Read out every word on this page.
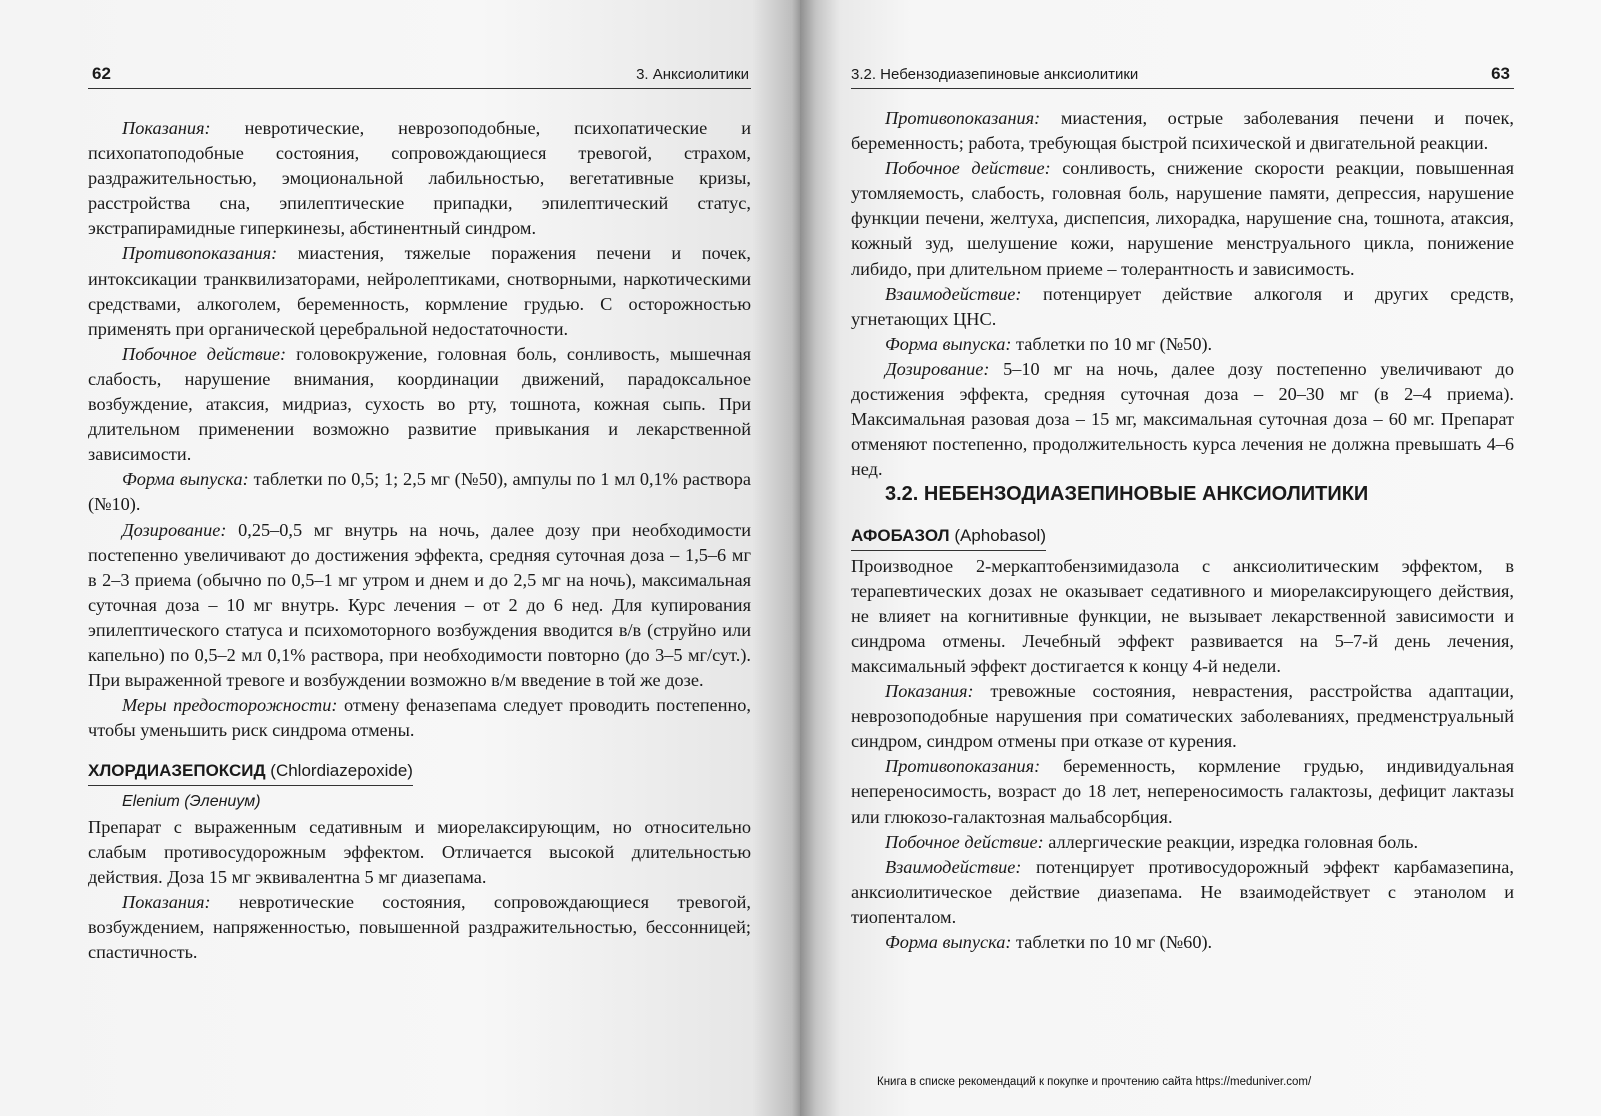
62	3. Анксиолитики

Показания: невротические, неврозоподобные, психопатические и психопатоподобные состояния, сопровождающиеся тревогой, страхом, раздражительностью, эмоциональной лабильностью, вегетативные кризы, расстройства сна, эпилептические припадки, эпилептический статус, экстрапирамидные гиперкинезы, абстинентный синдром.

Противопоказания: миастения, тяжелые поражения печени и почек, интоксикации транквилизаторами, нейролептиками, снотворными, наркотическими средствами, алкоголем, беременность, кормление грудью. С осторожностью применять при органической церебральной недостаточности.

Побочное действие: головокружение, головная боль, сонливость, мышечная слабость, нарушение внимания, координации движений, парадоксальное возбуждение, атаксия, мидриаз, сухость во рту, тошнота, кожная сыпь. При длительном применении возможно развитие привыкания и лекарственной зависимости.

Форма выпуска: таблетки по 0,5; 1; 2,5 мг (№50), ампулы по 1 мл 0,1% раствора (№10).

Дозирование: 0,25–0,5 мг внутрь на ночь, далее дозу при необходимости постепенно увеличивают до достижения эффекта, средняя суточная доза – 1,5–6 мг в 2–3 приема (обычно по 0,5–1 мг утром и днем и до 2,5 мг на ночь), максимальная суточная доза – 10 мг внутрь. Курс лечения – от 2 до 6 нед. Для купирования эпилептического статуса и психомоторного возбуждения вводится в/в (струйно или капельно) по 0,5–2 мл 0,1% раствора, при необходимости повторно (до 3–5 мг/сут.). При выраженной тревоге и возбуждении возможно в/м введение в той же дозе.

Меры предосторожности: отмену феназепама следует проводить постепенно, чтобы уменьшить риск синдрома отмены.

ХЛОРДИАЗЕПОКСИД (Chlordiazepoxide)

Elenium (Элениум)

Препарат с выраженным седативным и миорелаксирующим, но относительно слабым противосудорожным эффектом. Отличается высокой длительностью действия. Доза 15 мг эквивалентна 5 мг диазепама.

Показания: невротические состояния, сопровождающиеся тревогой, возбуждением, напряженностью, повышенной раздражительностью, бессонницей; спастичность.

3.2. Небензодиазепиновые анксиолитики	63

Противопоказания: миастения, острые заболевания печени и почек, беременность; работа, требующая быстрой психической и двигательной реакции.

Побочное действие: сонливость, снижение скорости реакции, повышенная утомляемость, слабость, головная боль, нарушение памяти, депрессия, нарушение функции печени, желтуха, диспепсия, лихорадка, нарушение сна, тошнота, атаксия, кожный зуд, шелушение кожи, нарушение менструального цикла, понижение либидо, при длительном приеме – толерантность и зависимость.

Взаимодействие: потенцирует действие алкоголя и других средств, угнетающих ЦНС.

Форма выпуска: таблетки по 10 мг (№50).

Дозирование: 5–10 мг на ночь, далее дозу постепенно увеличивают до достижения эффекта, средняя суточная доза – 20–30 мг (в 2–4 приема). Максимальная разовая доза – 15 мг, максимальная суточная доза – 60 мг. Препарат отменяют постепенно, продолжительность курса лечения не должна превышать 4–6 нед.

3.2. НЕБЕНЗОДИАЗЕПИНОВЫЕ АНКСИОЛИТИКИ

АФОБАЗОЛ (Aphobasol)

Производное 2-меркаптобензимидазола с анксиолитическим эффектом, в терапевтических дозах не оказывает седативного и миорелаксирующего действия, не влияет на когнитивные функции, не вызывает лекарственной зависимости и синдрома отмены. Лечебный эффект развивается на 5–7-й день лечения, максимальный эффект достигается к концу 4-й недели.

Показания: тревожные состояния, неврастения, расстройства адаптации, неврозоподобные нарушения при соматических заболеваниях, предменструальный синдром, синдром отмены при отказе от курения.

Противопоказания: беременность, кормление грудью, индивидуальная непереносимость, возраст до 18 лет, непереносимость галактозы, дефицит лактазы или глюкозо-галактозная мальабсорбция.

Побочное действие: аллергические реакции, изредка головная боль.

Взаимодействие: потенцирует противосудорожный эффект карбамазепина, анксиолитическое действие диазепама. Не взаимодействует с этанолом и тиопенталом.

Форма выпуска: таблетки по 10 мг (№60).

Книга в списке рекомендаций к покупке и прочтению сайта https://meduniver.com/
